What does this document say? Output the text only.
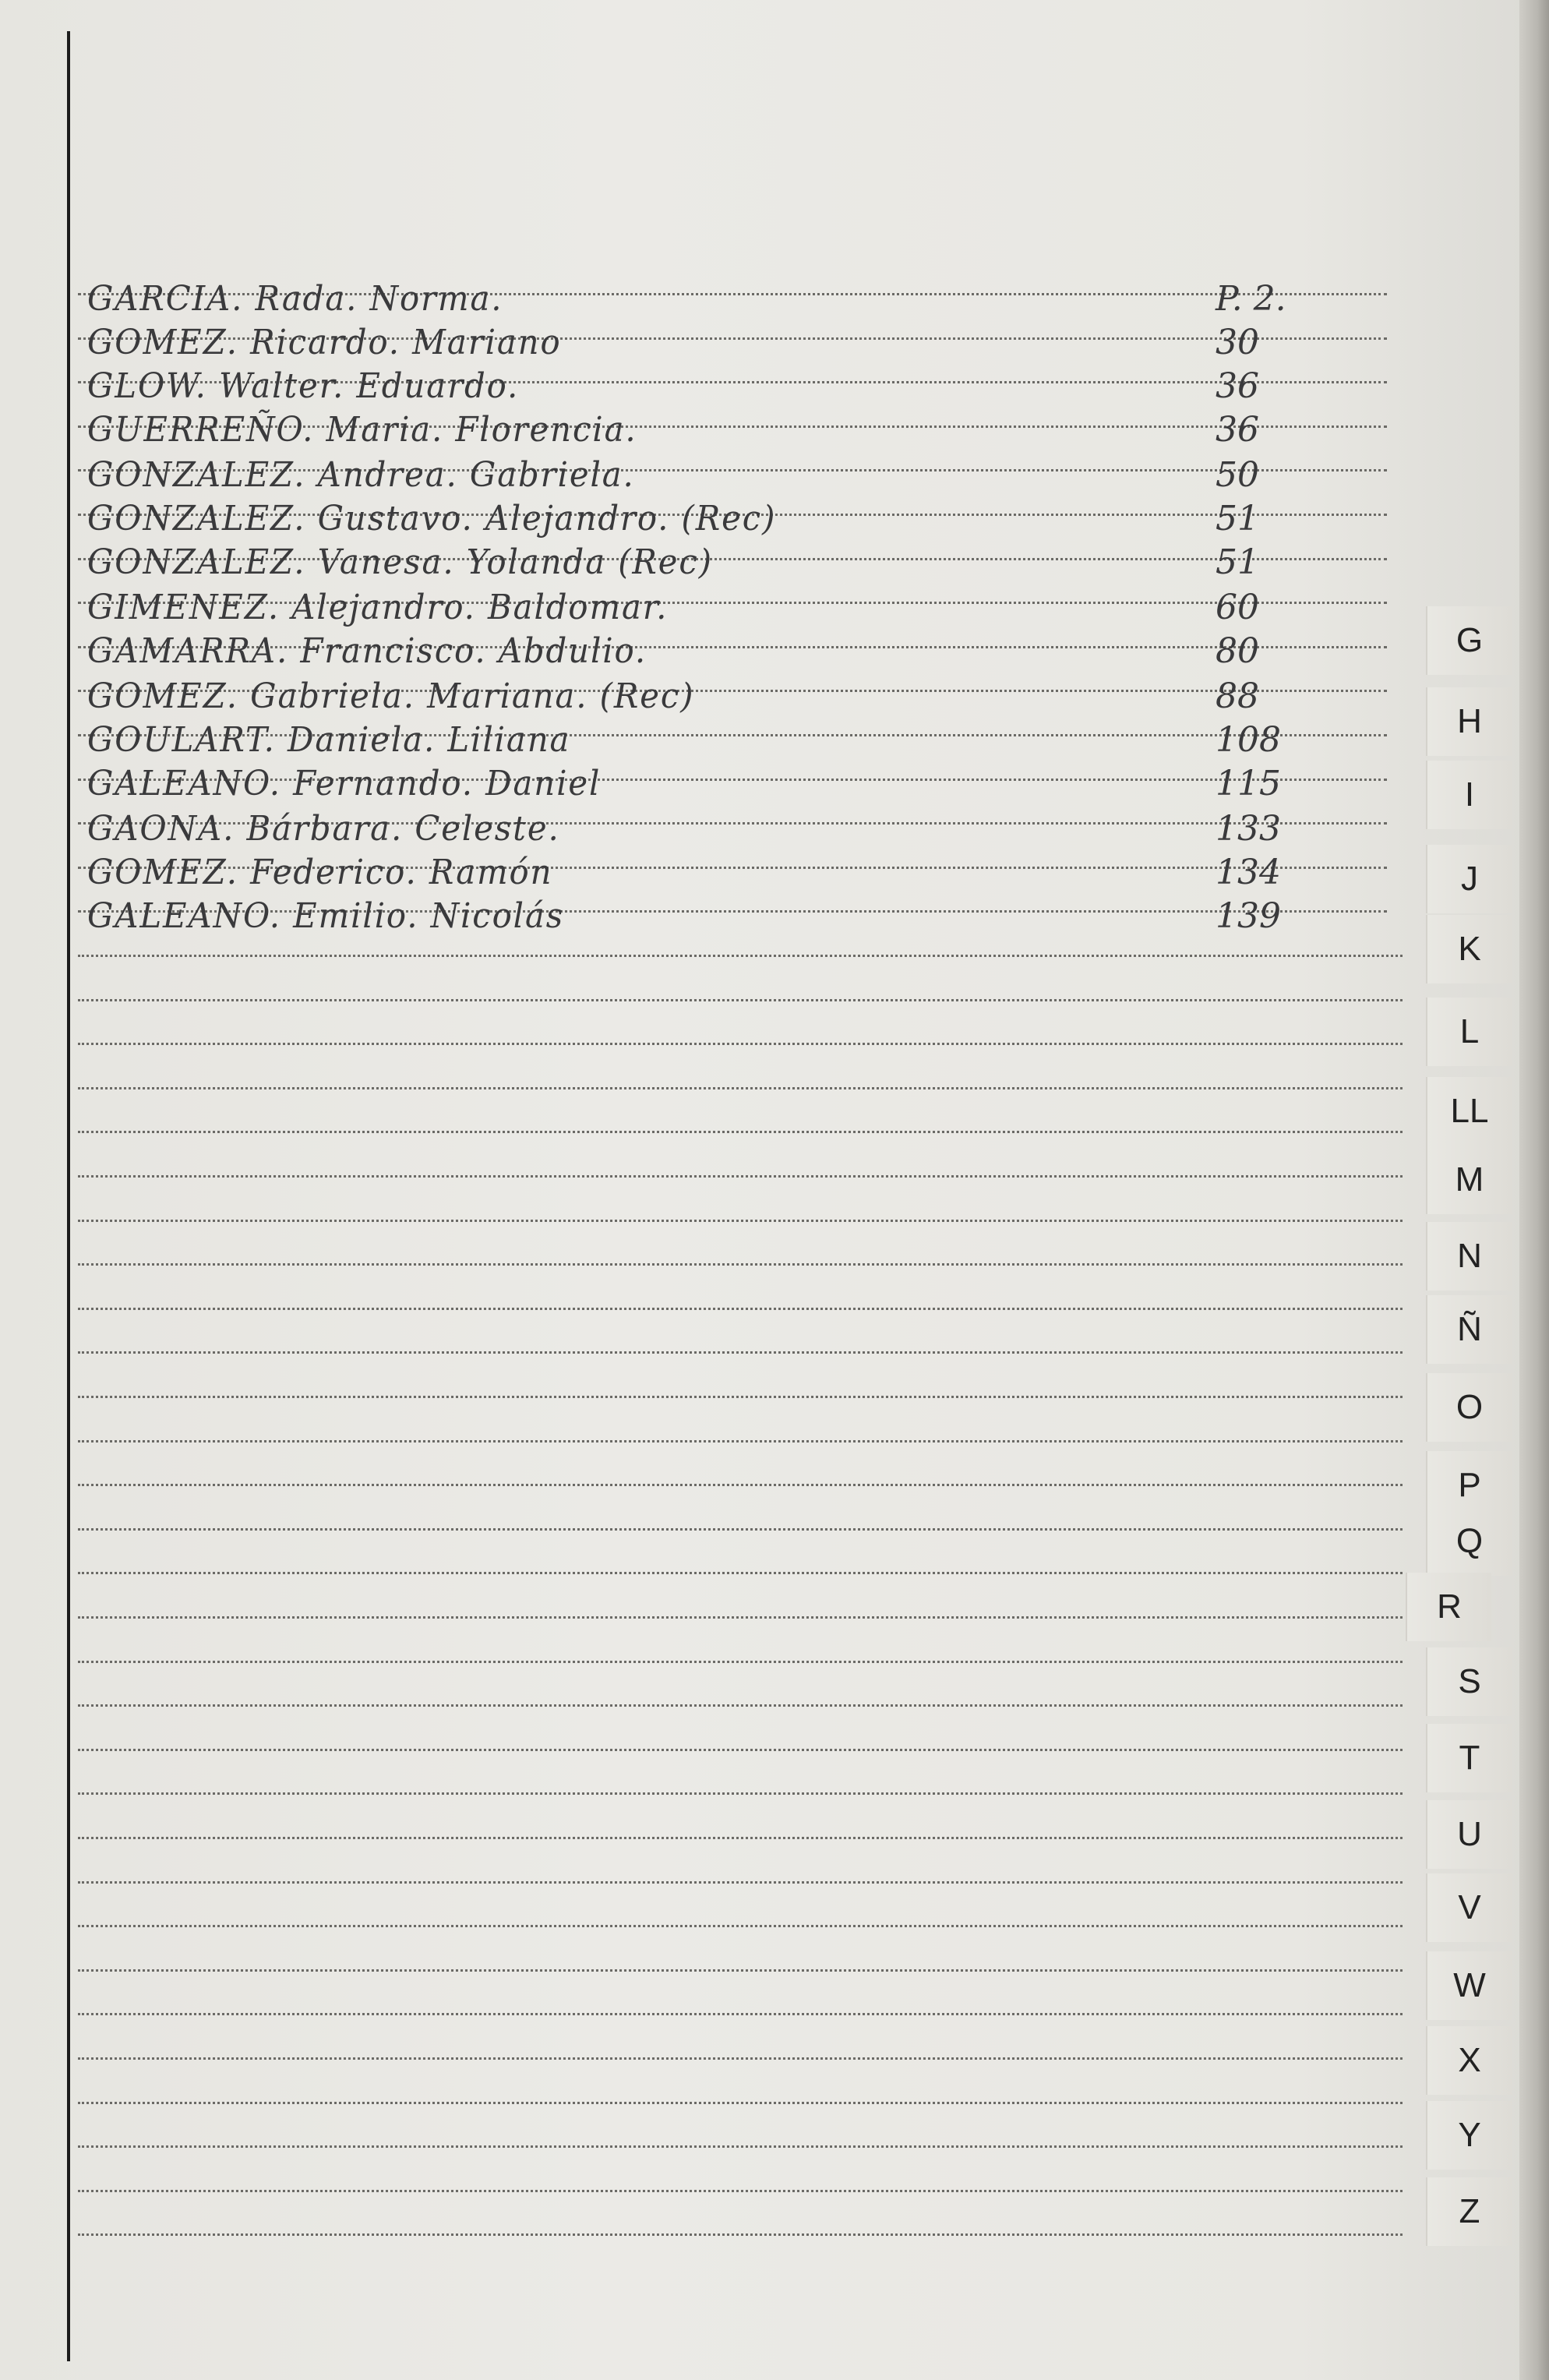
GARCIA. Rada. Norma.	P. 2.
GOMEZ. Ricardo. Mariano	30
GLOW. Walter. Eduardo.	36
GUERREÑO. Maria. Florencia.	36
GONZALEZ. Andrea. Gabriela.	50
GONZALEZ. Gustavo. Alejandro. (Rec)	51
GONZALEZ. Vanesa. Yolanda (Rec)	51
GIMENEZ. Alejandro. Baldomar.	60
GAMARRA. Francisco. Abdulio.	80
GOMEZ. Gabriela. Mariana. (Rec)	88
GOULART. Daniela. Liliana	108
GALEANO. Fernando. Daniel	115
GAONA. Bárbara. Celeste.	133
GOMEZ. Federico. Ramón	134
GALEANO. Emilio. Nicolás	139
G
H
I
J
K
L
LL
M
N
Ñ
O
P
Q
R
S
T
U
V
W
X
Y
Z
